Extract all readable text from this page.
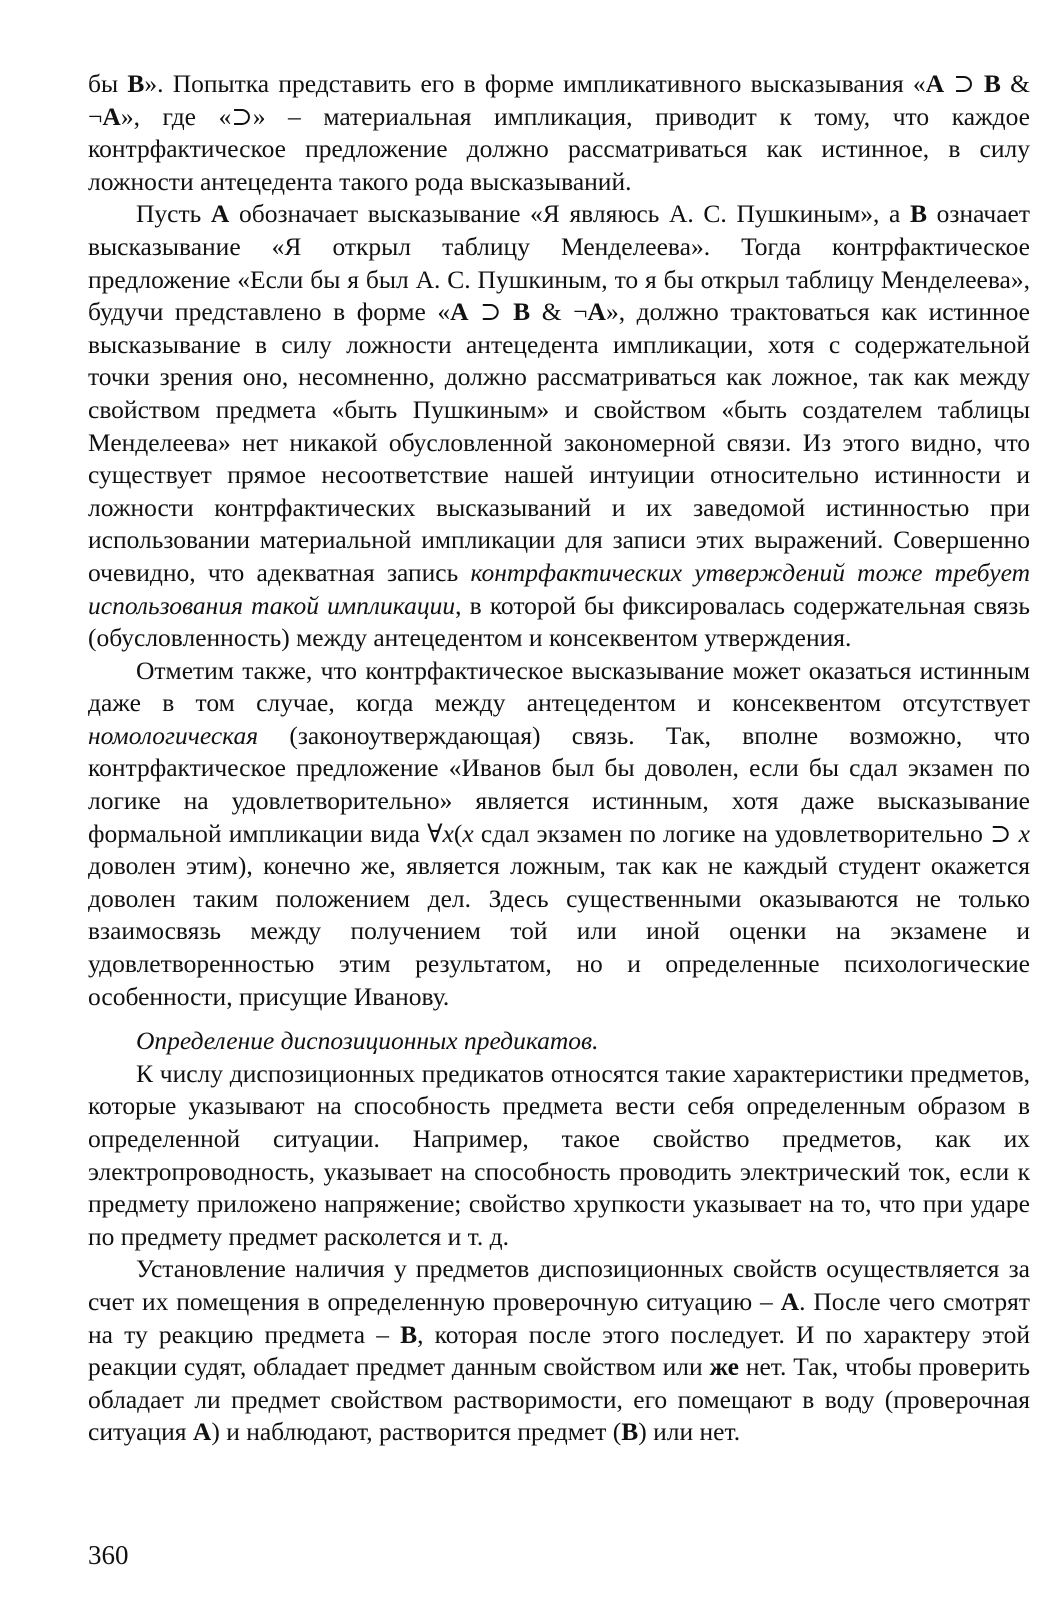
бы B». Попытка представить его в форме импликативного высказывания «A ⊃ B & ¬A», где «⊃» – материальная импликация, приводит к тому, что каждое контрфактическое предложение должно рассматриваться как истинное, в силу ложности антецедента такого рода высказываний.

Пусть A обозначает высказывание «Я являюсь А. С. Пушкиным», а B означает высказывание «Я открыл таблицу Менделеева». Тогда контрфактическое предложение «Если бы я был А. С. Пушкиным, то я бы открыл таблицу Менделеева», будучи представлено в форме «A ⊃ B & ¬A», должно трактоваться как истинное высказывание в силу ложности антецедента импликации, хотя с содержательной точки зрения оно, несомненно, должно рассматриваться как ложное, так как между свойством предмета «быть Пушкиным» и свойством «быть создателем таблицы Менделеева» нет никакой обусловленной закономерной связи. Из этого видно, что существует прямое несоответствие нашей интуиции относительно истинности и ложности контрфактических высказываний и их заведомой истинностью при использовании материальной импликации для записи этих выражений. Совершенно очевидно, что адекватная запись контрфактических утверждений тоже требует использования такой импликации, в которой бы фиксировалась содержательная связь (обусловленность) между антецедентом и консеквентом утверждения.

Отметим также, что контрфактическое высказывание может оказаться истинным даже в том случае, когда между антецедентом и консеквентом отсутствует номологическая (законоутверждающая) связь. Так, вполне возможно, что контрфактическое предложение «Иванов был бы доволен, если бы сдал экзамен по логике на удовлетворительно» является истинным, хотя даже высказывание формальной импликации вида ∀x(x сдал экзамен по логике на удовлетворительно ⊃ x доволен этим), конечно же, является ложным, так как не каждый студент окажется доволен таким положением дел. Здесь существенными оказываются не только взаимосвязь между получением той или иной оценки на экзамене и удовлетворенностью этим результатом, но и определенные психологические особенности, присущие Иванову.

Определение диспозиционных предикатов.

К числу диспозиционных предикатов относятся такие характеристики предметов, которые указывают на способность предмета вести себя определенным образом в определенной ситуации. Например, такое свойство предметов, как их электропроводность, указывает на способность проводить электрический ток, если к предмету приложено напряжение; свойство хрупкости указывает на то, что при ударе по предмету предмет расколется и т. д.

Установление наличия у предметов диспозиционных свойств осуществляется за счет их помещения в определенную проверочную ситуацию – A. После чего смотрят на ту реакцию предмета – B, которая после этого последует. И по характеру этой реакции судят, обладает предмет данным свойством или же нет. Так, чтобы проверить обладает ли предмет свойством растворимости, его помещают в воду (проверочная ситуация A) и наблюдают, растворится предмет (B) или нет.

360
